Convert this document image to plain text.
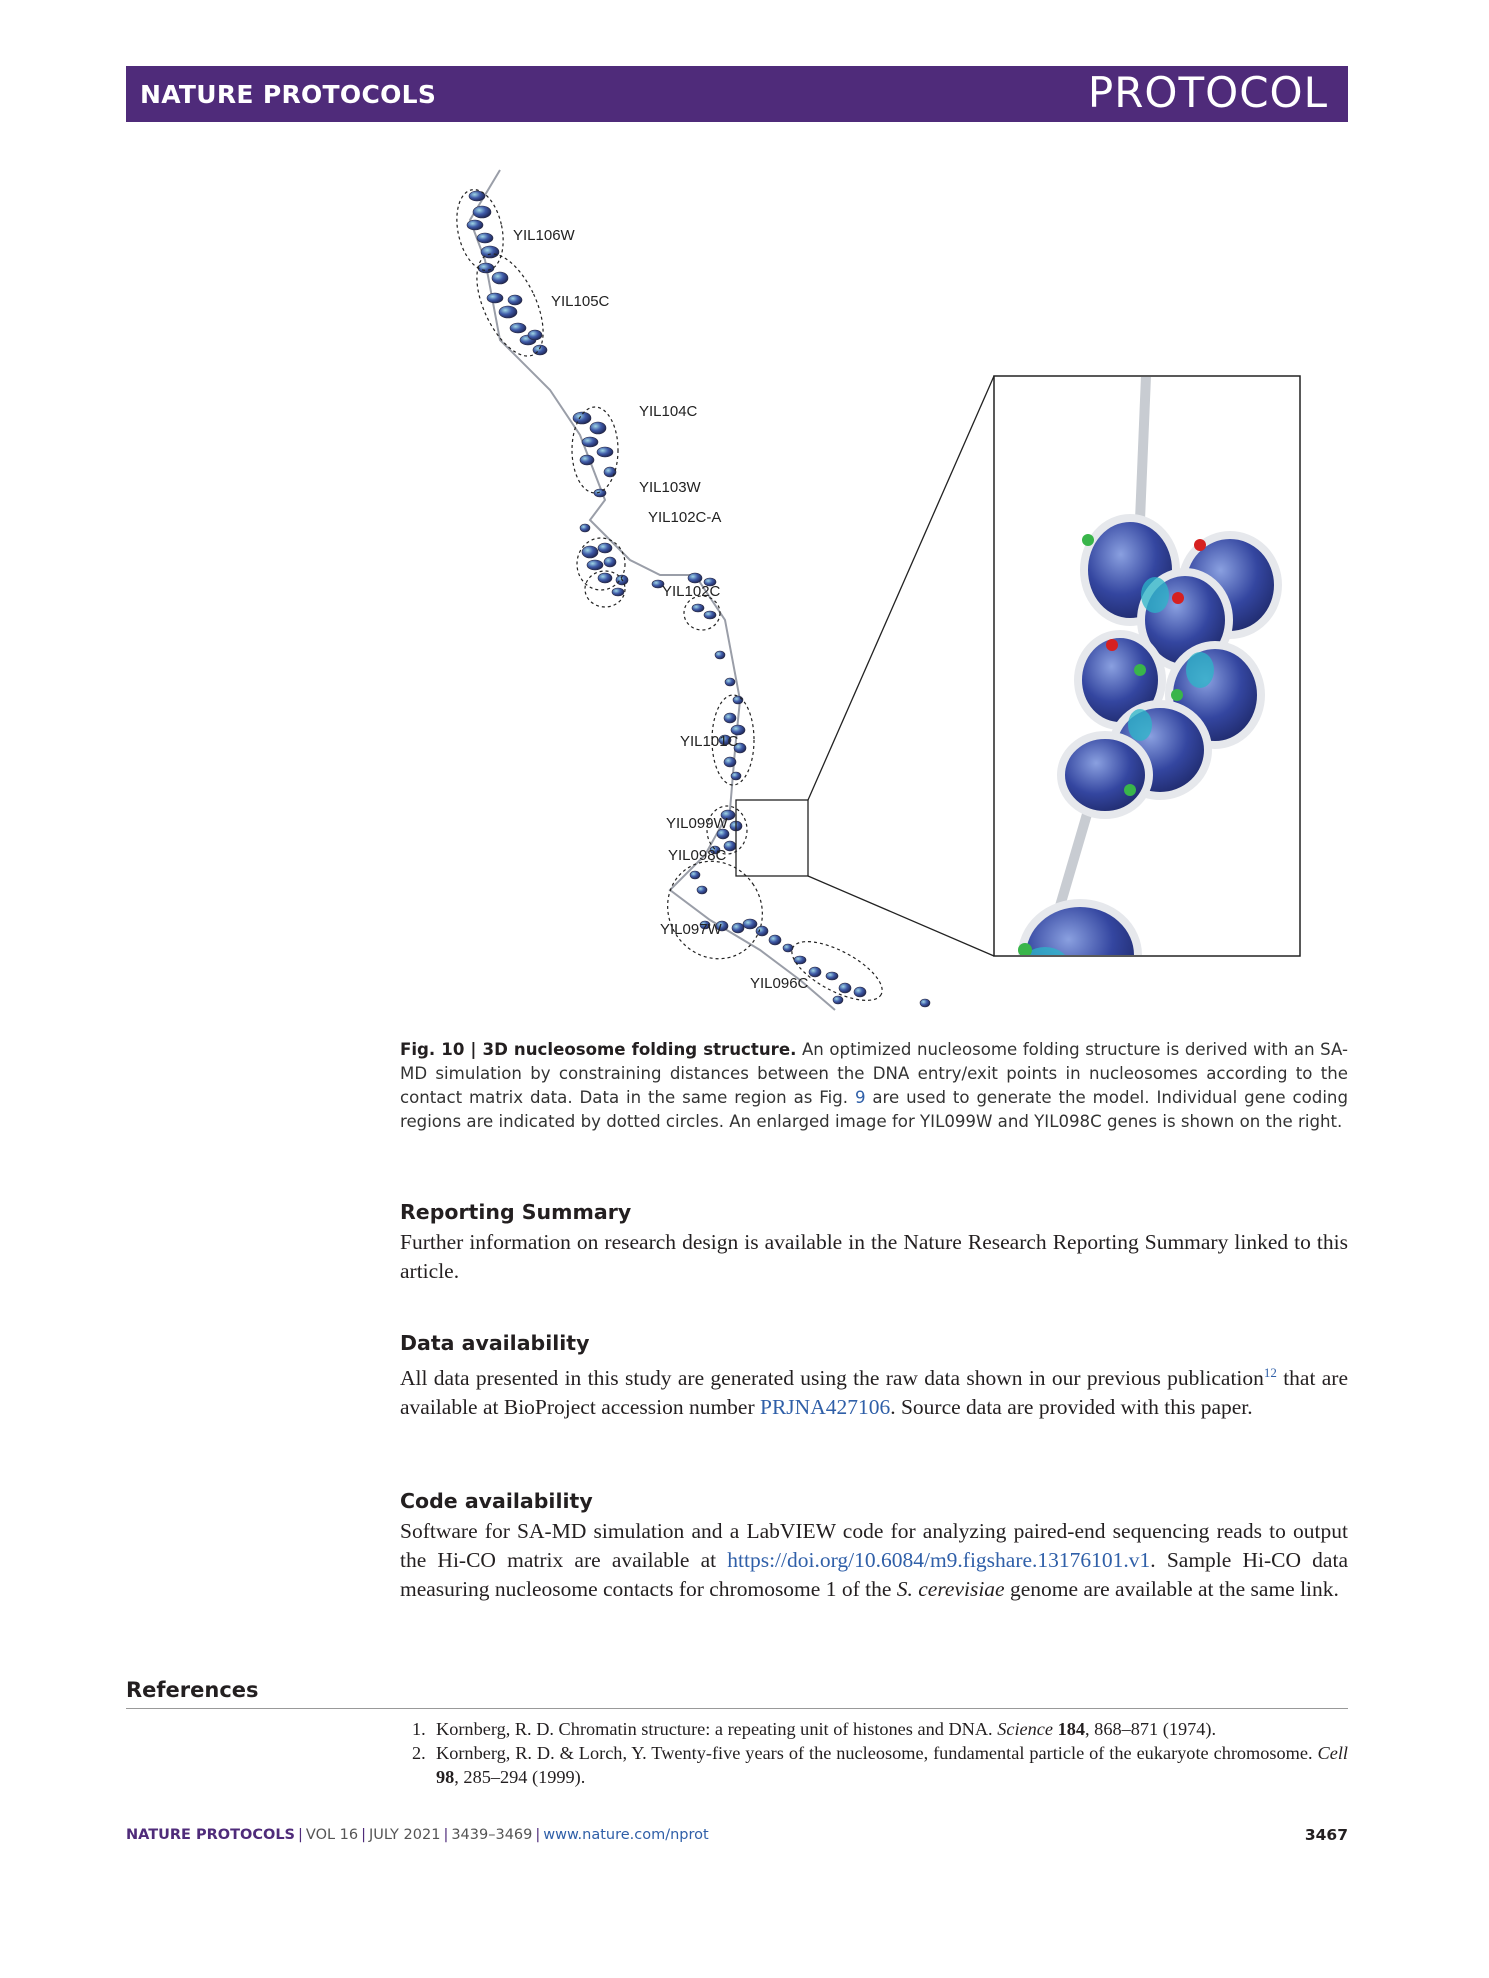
NATURE PROTOCOLS	PROTOCOL
YIL106W
YIL105C
YIL104C
YIL103W
YIL102C-A
YIL102C
YIL101C
YIL099W
YIL098C
YIL097W
YIL096C
Fig. 10 | 3D nucleosome folding structure. An optimized nucleosome folding structure is derived with an SA-MD simulation by constraining distances between the DNA entry/exit points in nucleosomes according to the contact matrix data. Data in the same region as Fig. 9 are used to generate the model. Individual gene coding regions are indicated by dotted circles. An enlarged image for YIL099W and YIL098C genes is shown on the right.
Reporting Summary
Further information on research design is available in the Nature Research Reporting Summary linked to this article.
Data availability
All data presented in this study are generated using the raw data shown in our previous publication$^{12}$ that are available at BioProject accession number PRJNA427106. Source data are provided with this paper.
Code availability
Software for SA-MD simulation and a LabVIEW code for analyzing paired-end sequencing reads to output the Hi-CO matrix are available at https://doi.org/10.6084/m9.figshare.13176101.v1. Sample Hi-CO data measuring nucleosome contacts for chromosome 1 of the S. cerevisiae genome are available at the same link.
References
1. Kornberg, R. D. Chromatin structure: a repeating unit of histones and DNA. Science 184, 868–871 (1974).
2. Kornberg, R. D. & Lorch, Y. Twenty-five years of the nucleosome, fundamental particle of the eukaryote chromosome. Cell 98, 285–294 (1999).
NATURE PROTOCOLS | VOL 16 | JULY 2021 | 3439–3469 | www.nature.com/nprot	3467
